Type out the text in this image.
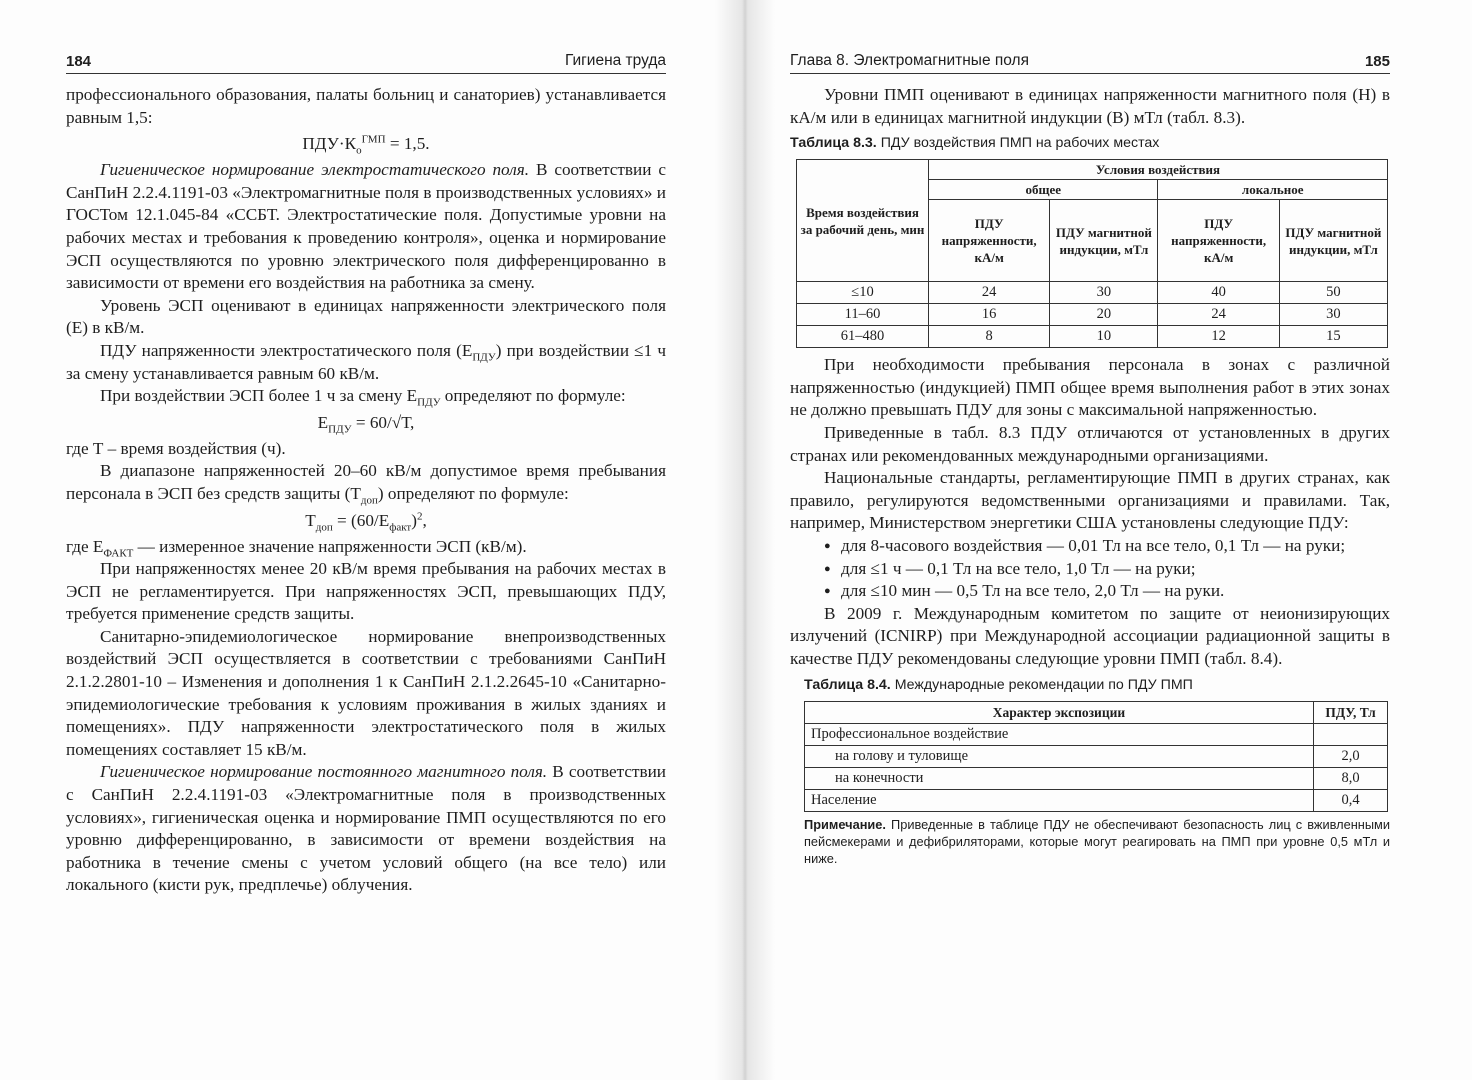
184	Гигиена труда

профессионального образования, палаты больниц и санаториев) устанавливается равным 1,5:

$ПДУ\cdot К_о^{ГМП} = 1,5$.

Гигиеническое нормирование электростатического поля. В соответствии с СанПиН 2.2.4.1191-03 «Электромагнитные поля в производственных условиях» и ГОСТом 12.1.045-84 «ССБТ. Электростатические поля. Допустимые уровни на рабочих местах и требования к проведению контроля», оценка и нормирование ЭСП осуществляются по уровню электрического поля дифференцированно в зависимости от времени его воздействия на работника за смену.

Уровень ЭСП оценивают в единицах напряженности электрического поля (Е) в кВ/м.

ПДУ напряженности электростатического поля $(Е_{ПДУ})$ при воздействии ≤1 ч за смену устанавливается равным 60 кВ/м.

При воздействии ЭСП более 1 ч за смену $Е_{ПДУ}$ определяют по формуле:

$Е_{ПДУ} = 60/√Т$,

где Т – время воздействия (ч).

В диапазоне напряженностей 20–60 кВ/м допустимое время пребывания персонала в ЭСП без средств защиты $(Т_{доп})$ определяют по формуле:

$Т_{доп} = (60/Е_{факт})^2$,

где $Е_{ФАКТ}$ — измеренное значение напряженности ЭСП (кВ/м).

При напряженностях менее 20 кВ/м время пребывания на рабочих местах в ЭСП не регламентируется. При напряженностях ЭСП, превышающих ПДУ, требуется применение средств защиты.

Санитарно-эпидемиологическое нормирование внепроизводственных воздействий ЭСП осуществляется в соответствии с требованиями СанПиН 2.1.2.2801-10 – Изменения и дополнения 1 к СанПиН 2.1.2.2645-10 «Санитарно-эпидемиологические требования к условиям проживания в жилых зданиях и помещениях». ПДУ напряженности электростатического поля в жилых помещениях составляет 15 кВ/м.

Гигиеническое нормирование постоянного магнитного поля. В соответствии с СанПиН 2.2.4.1191-03 «Электромагнитные поля в производственных условиях», гигиеническая оценка и нормирование ПМП осуществляются по его уровню дифференцированно, в зависимости от времени воздействия на работника в течение смены с учетом условий общего (на все тело) или локального (кисти рук, предплечье) облучения.

Глава 8. Электромагнитные поля	185

Уровни ПМП оценивают в единицах напряженности магнитного поля (Н) в кА/м или в единицах магнитной индукции (В) мТл (табл. 8.3).

Таблица 8.3. ПДУ воздействия ПМП на рабочих местах
Время воздействия за рабочий день, мин	Условия воздействия			
	общее		локальное	
	ПДУ напряженности, кА/м	ПДУ магнитной индукции, мТл	ПДУ напряженности, кА/м	ПДУ магнитной индукции, мТл
≤10	24	30	40	50
11–60	16	20	24	30
61–480	8	10	12	15

При необходимости пребывания персонала в зонах с различной напряженностью (индукцией) ПМП общее время выполнения работ в этих зонах не должно превышать ПДУ для зоны с максимальной напряженностью.

Приведенные в табл. 8.3 ПДУ отличаются от установленных в других странах или рекомендованных международными организациями.

Национальные стандарты, регламентирующие ПМП в других странах, как правило, регулируются ведомственными организациями и правилами. Так, например, Министерством энергетики США установлены следующие ПДУ:

● для 8-часового воздействия — 0,01 Тл на все тело, 0,1 Тл — на руки;
● для ≤1 ч — 0,1 Тл на все тело, 1,0 Тл — на руки;
● для ≤10 мин — 0,5 Тл на все тело, 2,0 Тл — на руки.

В 2009 г. Международным комитетом по защите от неионизирующих излучений (ICNIRP) при Международной ассоциации радиационной защиты в качестве ПДУ рекомендованы следующие уровни ПМП (табл. 8.4).

Таблица 8.4. Международные рекомендации по ПДУ ПМП
Характер экспозиции	ПДУ, Тл
Профессиональное воздействие	
на голову и туловище	2,0
на конечности	8,0
Население	0,4
Примечание. Приведенные в таблице ПДУ не обеспечивают безопасность лиц с вживленными пейсмекерами и дефибриляторами, которые могут реагировать на ПМП при уровне 0,5 мТл и ниже.
